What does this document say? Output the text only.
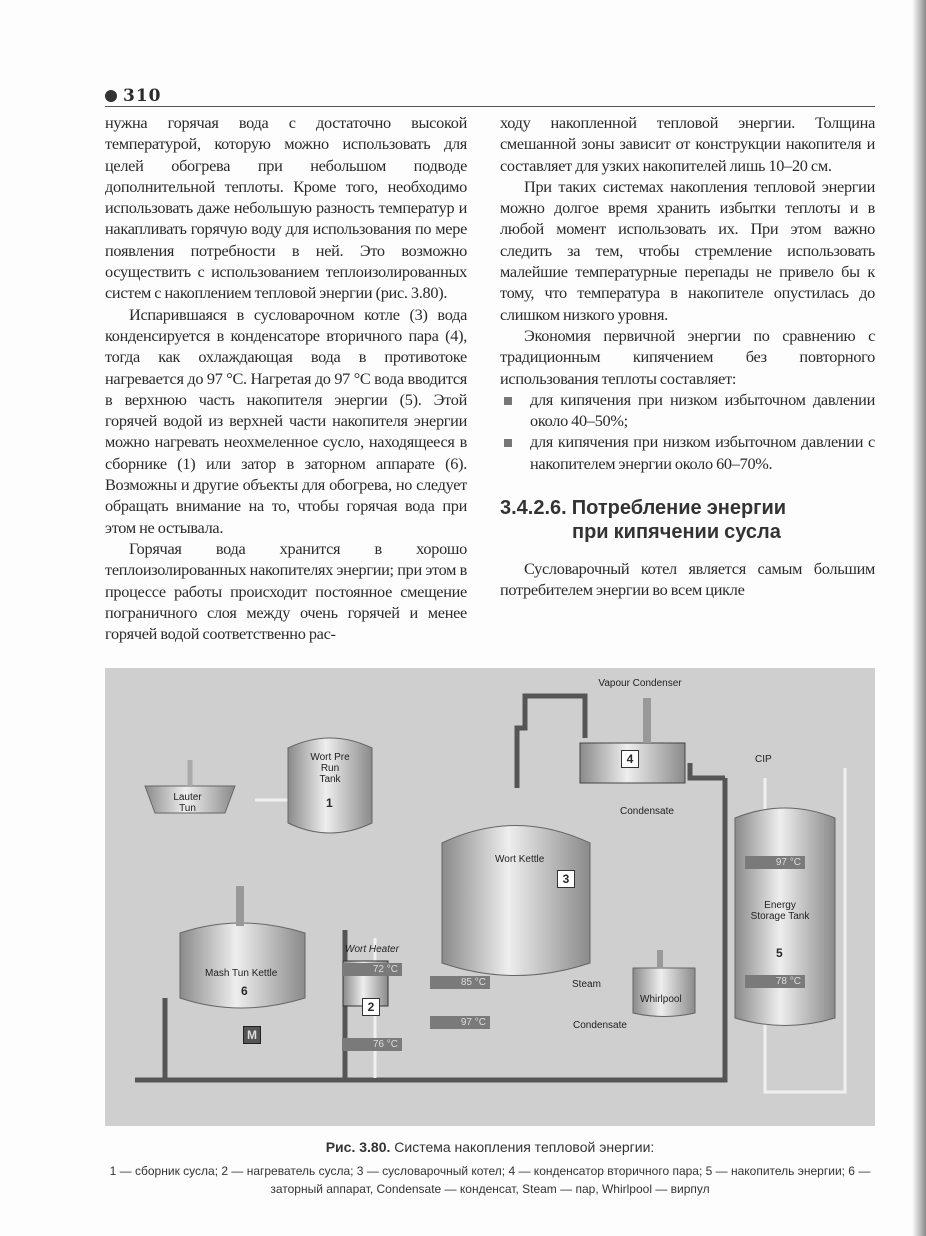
310

нужна горячая вода с достаточно высокой температурой, которую можно использовать для целей обогрева при небольшом подводе дополнительной теплоты. Кроме того, необходимо использовать даже небольшую разность температур и накапливать горячую воду для использования по мере появления потребности в ней. Это возможно осуществить с использованием теплоизолированных систем с накоплением тепловой энергии (рис. 3.80).

Испарившаяся в сусловарочном котле (3) вода конденсируется в конденсаторе вторичного пара (4), тогда как охлаждающая вода в противотоке нагревается до 97 °С. Нагретая до 97 °С вода вводится в верхнюю часть накопителя энергии (5). Этой горячей водой из верхней части накопителя энергии можно нагревать неохмеленное сусло, находящееся в сборнике (1) или затор в заторном аппарате (6). Возможны и другие объекты для обогрева, но следует обращать внимание на то, чтобы горячая вода при этом не остывала.

Горячая вода хранится в хорошо теплоизолированных накопителях энергии; при этом в процессе работы происходит постоянное смещение пограничного слоя между очень горячей и менее горячей водой соответственно рас-

ходу накопленной тепловой энергии. Толщина смешанной зоны зависит от конструкции накопителя и составляет для узких накопителей лишь 10–20 см.

При таких системах накопления тепловой энергии можно долгое время хранить избытки теплоты и в любой момент использовать их. При этом важно следить за тем, чтобы стремление использовать малейшие температурные перепады не привело бы к тому, что температура в накопителе опустилась до слишком низкого уровня.

Экономия первичной энергии по сравнению с традиционным кипячением без повторного использования теплоты составляет:

для кипячения при низком избыточном давлении около 40–50%;
для кипячения при низком избыточном давлении с накопителем энергии около 60–70%.
3.4.2.6. Потребление энергии
при кипячении сусла

Сусловарочный котел является самым большим потребителем энергии во всем цикле

Vapour Condenser
CIP
Condensate
Lauter Tun
Wort Pre Run Tank
1
Wort Kettle
3
4
97 °C
Energy Storage Tank
5
78 °C
Mash Tun Kettle
6
M
Wort Heater
72 °C
2
76 °C
85 °C
97 °C
Steam
Whirlpool
Condensate
Рис. 3.80. Система накопления тепловой энергии:
1 — сборник сусла; 2 — нагреватель сусла; 3 — сусловарочный котел; 4 — конденсатор вторичного пара; 5 — накопитель энергии; 6 — заторный аппарат, Condensate — конденсат, Steam — пар, Whirlpool — вирпул
